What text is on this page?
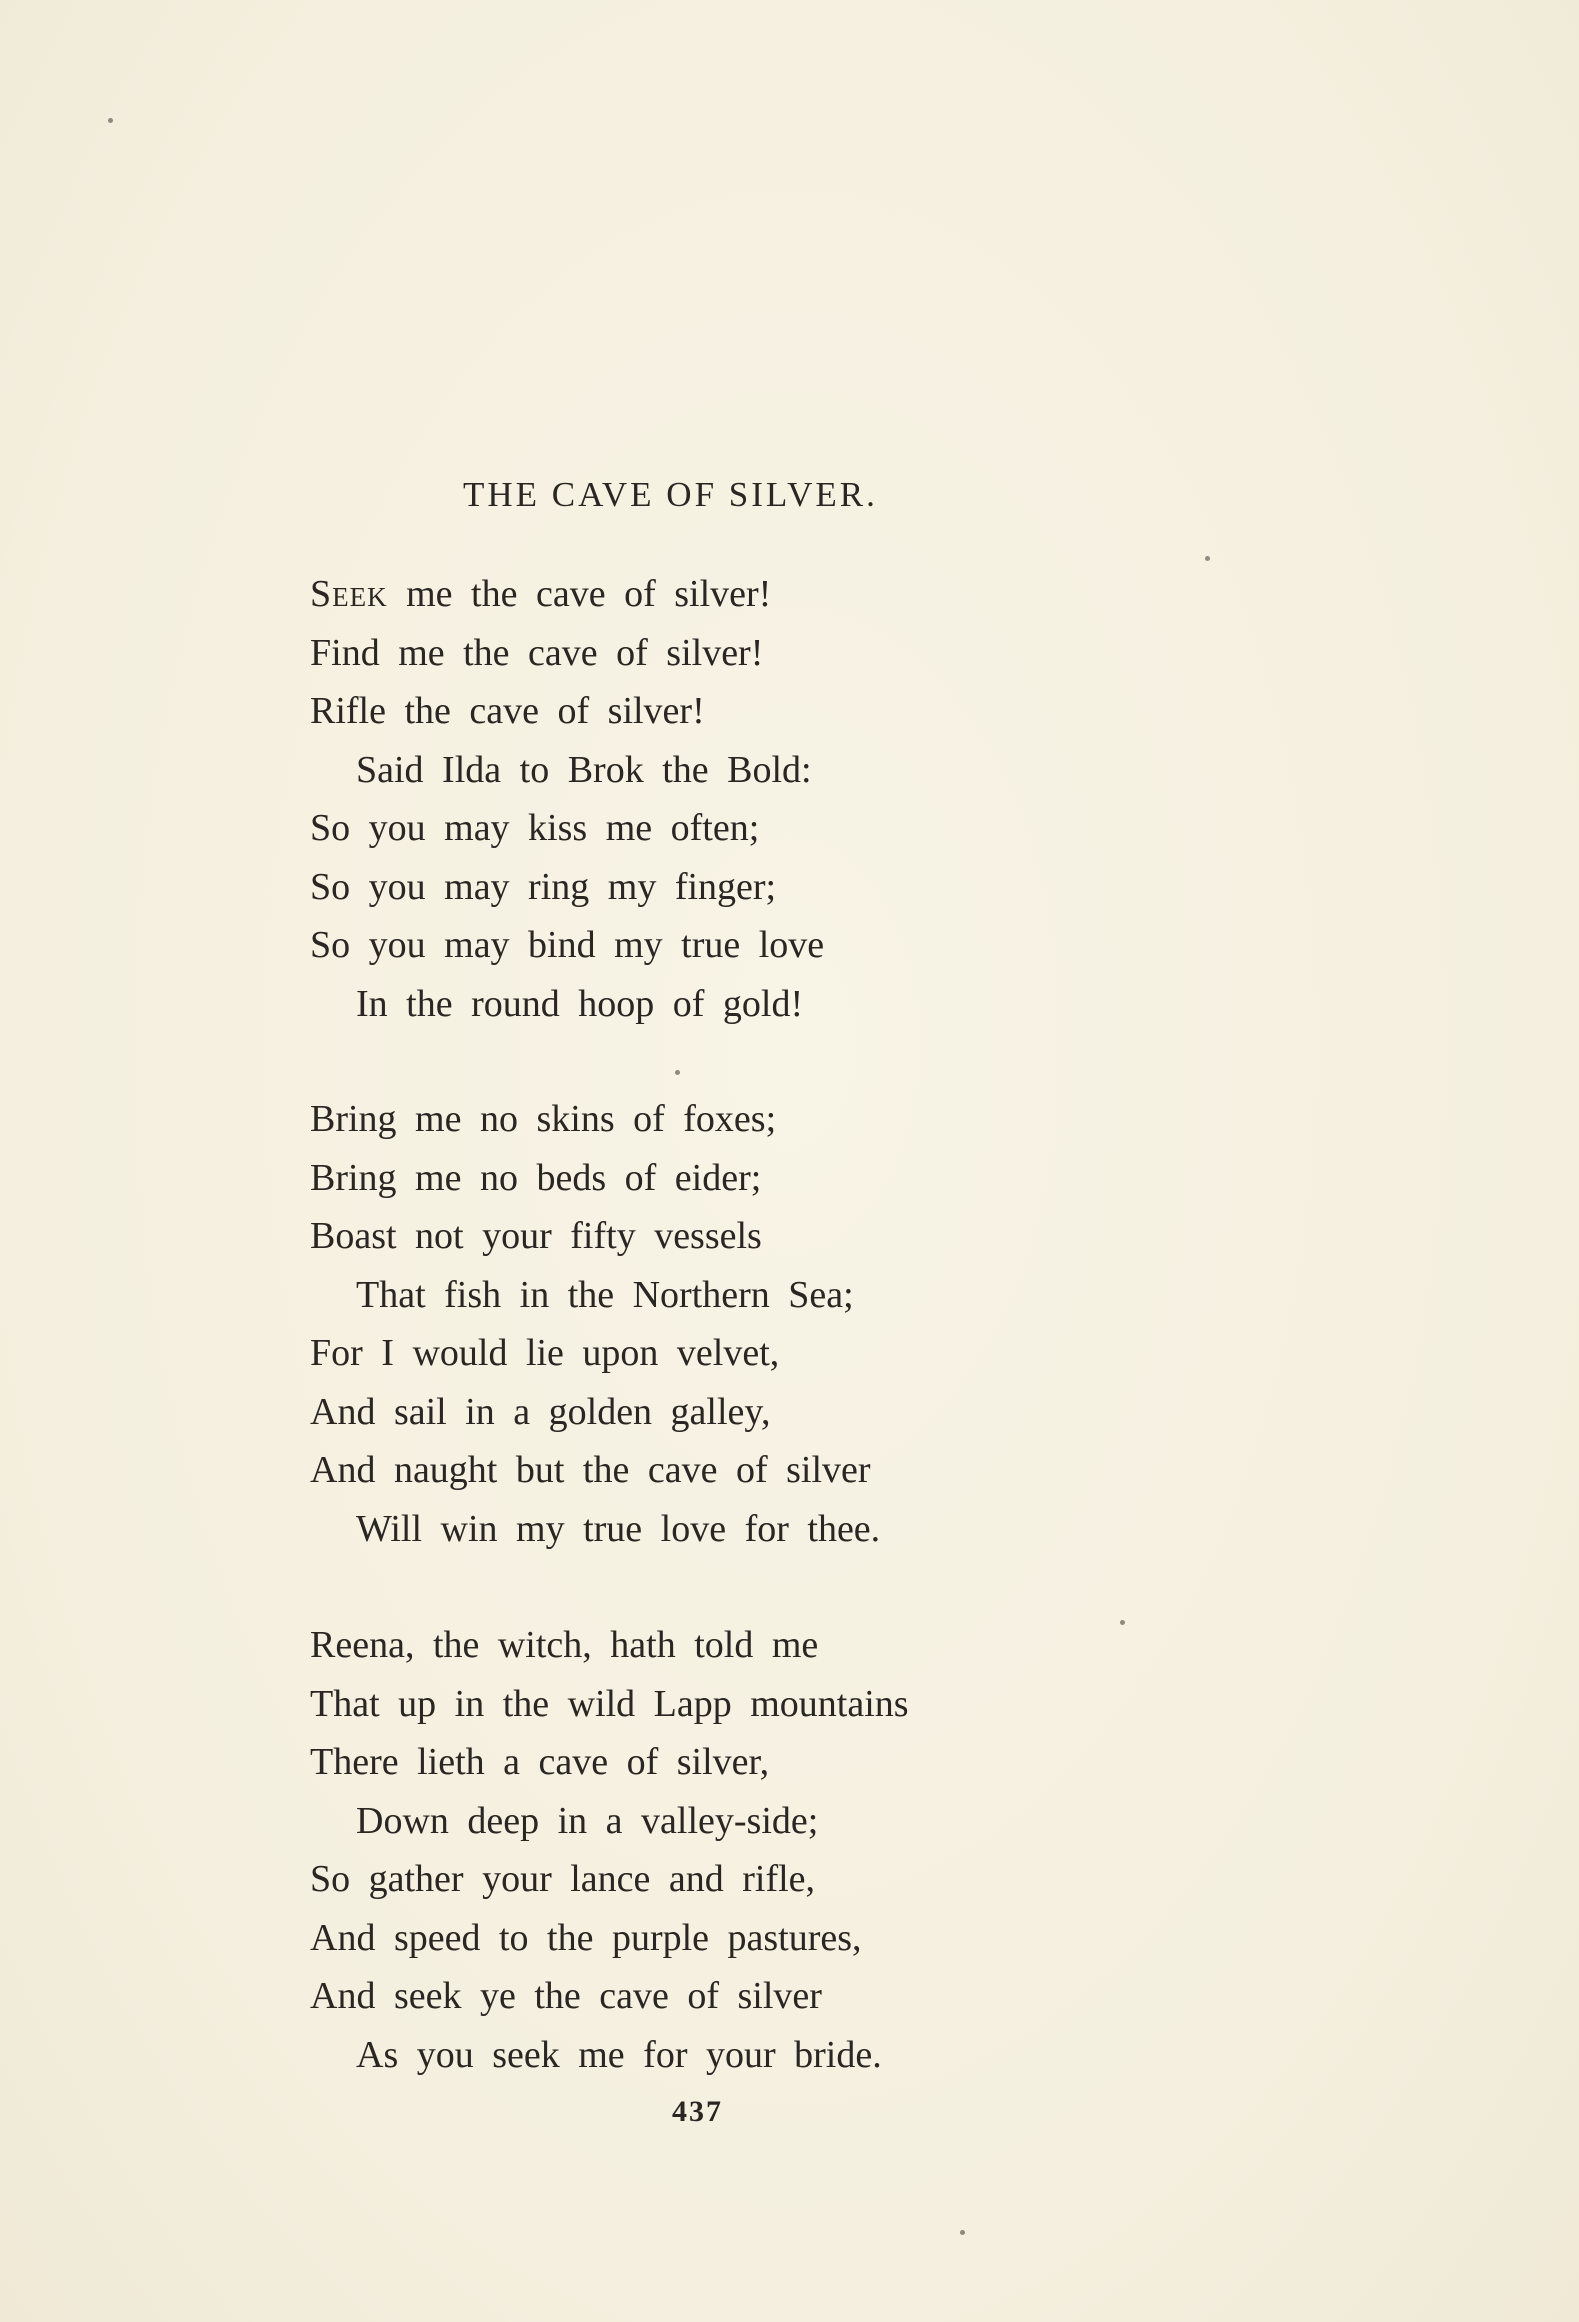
THE CAVE OF SILVER.
Seek me the cave of silver!
Find me the cave of silver!
Rifle the cave of silver!
Said Ilda to Brok the Bold:
So you may kiss me often;
So you may ring my finger;
So you may bind my true love
In the round hoop of gold!
Bring me no skins of foxes;
Bring me no beds of eider;
Boast not your fifty vessels
That fish in the Northern Sea;
For I would lie upon velvet,
And sail in a golden galley,
And naught but the cave of silver
Will win my true love for thee.
Reena, the witch, hath told me
That up in the wild Lapp mountains
There lieth a cave of silver,
Down deep in a valley-side;
So gather your lance and rifle,
And speed to the purple pastures,
And seek ye the cave of silver
As you seek me for your bride.
437
